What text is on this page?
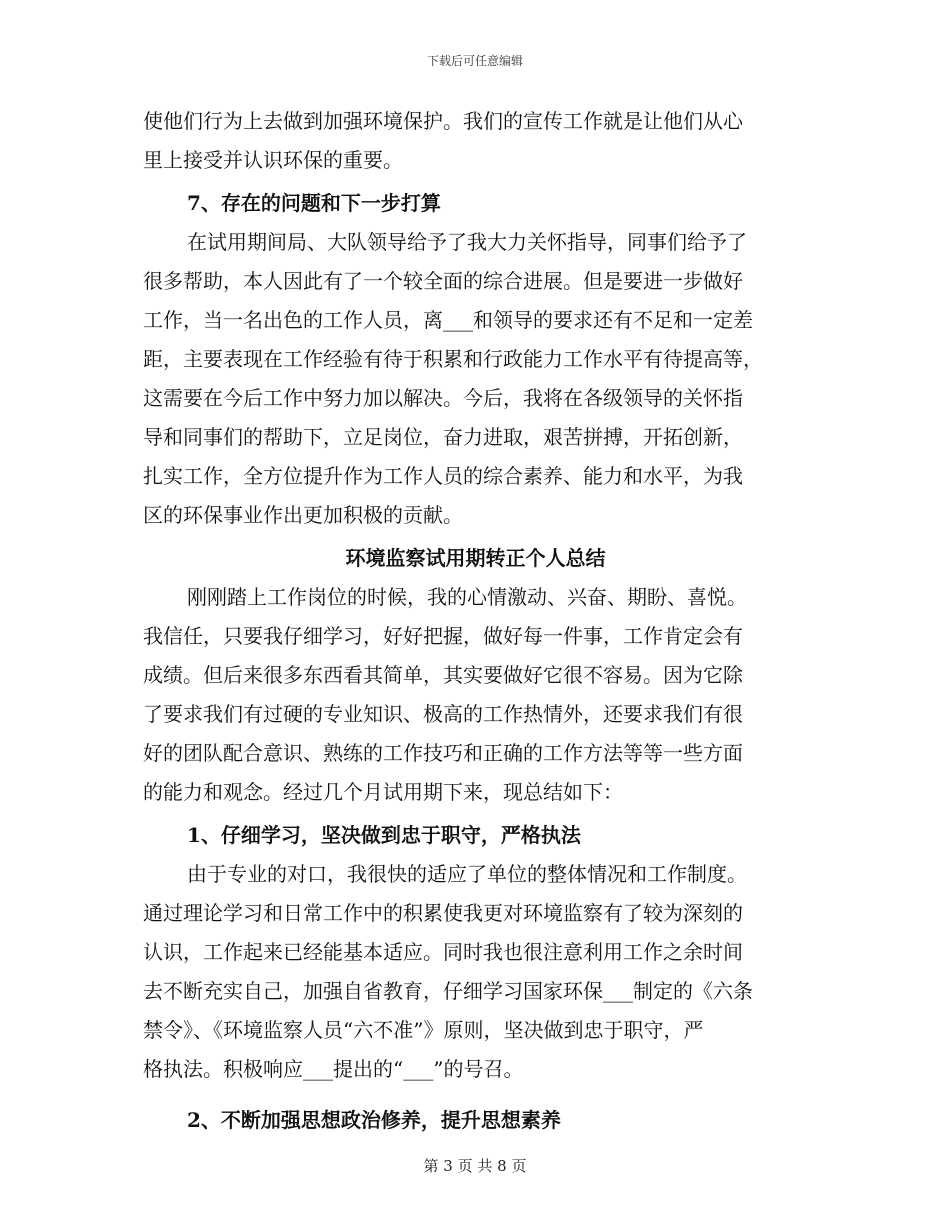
下载后可任意编辑
使他们行为上去做到加强环境保护。我们的宣传工作就是让他们从心
里上接受并认识环保的重要。
7、存在的问题和下一步打算
在试用期间局、大队领导给予了我大力关怀指导，同事们给予了
很多帮助，本人因此有了一个较全面的综合进展。但是要进一步做好
工作，当一名出色的工作人员，离___和领导的要求还有不足和一定差
距，主要表现在工作经验有待于积累和行政能力工作水平有待提高等，
这需要在今后工作中努力加以解决。今后，我将在各级领导的关怀指
导和同事们的帮助下，立足岗位，奋力进取，艰苦拼搏，开拓创新，
扎实工作，全方位提升作为工作人员的综合素养、能力和水平，为我
区的环保事业作出更加积极的贡献。
环境监察试用期转正个人总结
刚刚踏上工作岗位的时候，我的心情激动、兴奋、期盼、喜悦。
我信任，只要我仔细学习，好好把握，做好每一件事，工作肯定会有
成绩。但后来很多东西看其简单，其实要做好它很不容易。因为它除
了要求我们有过硬的专业知识、极高的工作热情外，还要求我们有很
好的团队配合意识、熟练的工作技巧和正确的工作方法等等一些方面
的能力和观念。经过几个月试用期下来，现总结如下：
1、仔细学习，坚决做到忠于职守，严格执法
由于专业的对口，我很快的适应了单位的整体情况和工作制度。
通过理论学习和日常工作中的积累使我更对环境监察有了较为深刻的
认识，工作起来已经能基本适应。同时我也很注意利用工作之余时间
去不断充实自己，加强自省教育，仔细学习国家环保___制定的《六条
禁令》、《环境监察人员“六不准”》原则，坚决做到忠于职守，严
格执法。积极响应___提出的“___”的号召。
2、不断加强思想政治修养，提升思想素养
第 3 页 共 8 页
